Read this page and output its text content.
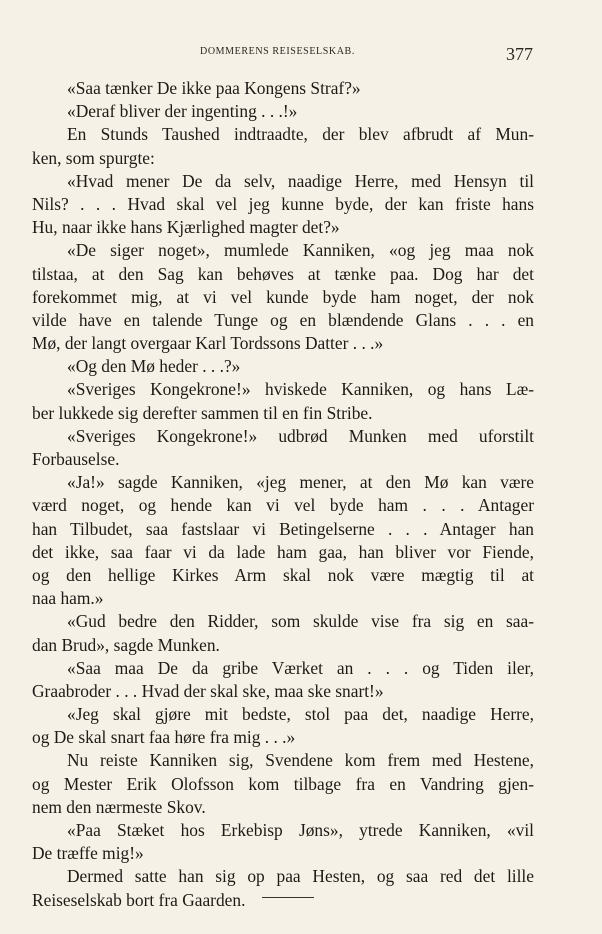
DOMMERENS REISESELSKAB.	377
«Saa tænker De ikke paa Kongens Straf?»
«Deraf bliver der ingenting . . .!»
En Stunds Taushed indtraadte, der blev afbrudt af Mun-
ken, som spurgte:
«Hvad mener De da selv, naadige Herre, med Hensyn til
Nils? . . . Hvad skal vel jeg kunne byde, der kan friste hans
Hu, naar ikke hans Kjærlighed magter det?»
«De siger noget», mumlede Kanniken, «og jeg maa nok
tilstaa, at den Sag kan behøves at tænke paa. Dog har det
forekommet mig, at vi vel kunde byde ham noget, der nok
vilde have en talende Tunge og en blændende Glans . . . en
Mø, der langt overgaar Karl Tordssons Datter . . .»
«Og den Mø heder . . .?»
«Sveriges Kongekrone!» hviskede Kanniken, og hans Læ-
ber lukkede sig derefter sammen til en fin Stribe.
«Sveriges Kongekrone!» udbrød Munken med uforstilt
Forbauselse.
«Ja!» sagde Kanniken, «jeg mener, at den Mø kan være
værd noget, og hende kan vi vel byde ham . . . Antager
han Tilbudet, saa fastslaar vi Betingelserne . . . Antager han
det ikke, saa faar vi da lade ham gaa, han bliver vor Fiende,
og den hellige Kirkes Arm skal nok være mægtig til at
naa ham.»
«Gud bedre den Ridder, som skulde vise fra sig en saa-
dan Brud», sagde Munken.
«Saa maa De da gribe Værket an . . . og Tiden iler,
Graabroder . . . Hvad der skal ske, maa ske snart!»
«Jeg skal gjøre mit bedste, stol paa det, naadige Herre,
og De skal snart faa høre fra mig . . .»
Nu reiste Kanniken sig, Svendene kom frem med Hestene,
og Mester Erik Olofsson kom tilbage fra en Vandring gjen-
nem den nærmeste Skov.
«Paa Stæket hos Erkebisp Jøns», ytrede Kanniken, «vil
De træffe mig!»
Dermed satte han sig op paa Hesten, og saa red det lille
Reiseselskab bort fra Gaarden.
